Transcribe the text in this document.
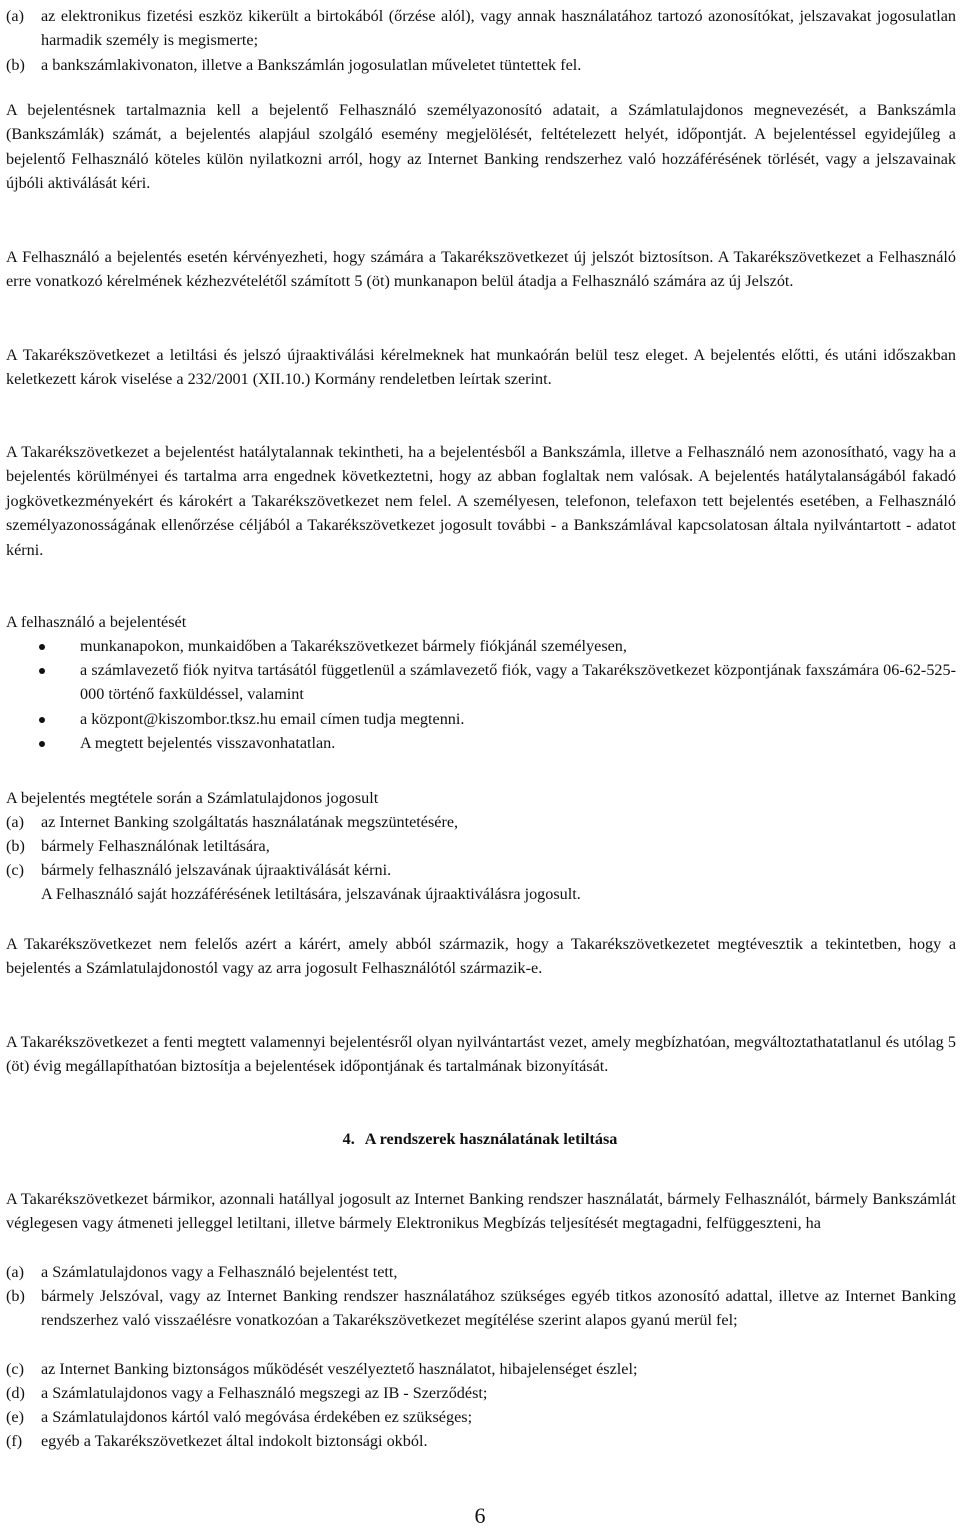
(a) az elektronikus fizetési eszköz kikerült a birtokából (őrzése alól), vagy annak használatához tartozó azonosítókat, jelszavakat jogosulatlan harmadik személy is megismerte;
(b) a bankszámlakivonaton, illetve a Bankszámlán jogosulatlan műveletet tüntettek fel.

A bejelentésnek tartalmaznia kell a bejelentő Felhasználó személyazonosító adatait, a Számlatulajdonos megnevezését, a Bankszámla (Bankszámlák) számát, a bejelentés alapjául szolgáló esemény megjelölését, feltételezett helyét, időpontját. A bejelentéssel egyidejűleg a bejelentő Felhasználó köteles külön nyilatkozni arról, hogy az Internet Banking rendszerhez való hozzáférésének törlését, vagy a jelszavainak újbóli aktiválását kéri.

A Felhasználó a bejelentés esetén kérvényezheti, hogy számára a Takarékszövetkezet új jelszót biztosítson. A Takarékszövetkezet a Felhasználó erre vonatkozó kérelmének kézhezvételétől számított 5 (öt) munkanapon belül átadja a Felhasználó számára az új Jelszót.

A Takarékszövetkezet a letiltási és jelszó újraaktiválási kérelmeknek hat munkaórán belül tesz eleget. A bejelentés előtti, és utáni időszakban keletkezett károk viselése a 232/2001 (XII.10.) Kormány rendeletben leírtak szerint.

A Takarékszövetkezet a bejelentést hatálytalannak tekintheti, ha a bejelentésből a Bankszámla, illetve a Felhasználó nem azonosítható, vagy ha a bejelentés körülményei és tartalma arra engednek következtetni, hogy az abban foglaltak nem valósak. A bejelentés hatálytalanságából fakadó jogkövetkezményekért és károkért a Takarékszövetkezet nem felel. A személyesen, telefonon, telefaxon tett bejelentés esetében, a Felhasználó személyazonosságának ellenőrzése céljából a Takarékszövetkezet jogosult további - a Bankszámlával kapcsolatosan általa nyilvántartott - adatot kérni.

A felhasználó a bejelentését

munkanapokon, munkaidőben a Takarékszövetkezet bármely fiókjánál személyesen,
a számlavezető fiók nyitva tartásától függetlenül a számlavezető fiók, vagy a Takarékszövetkezet központjának faxszámára 06-62-525-000 történő faxküldéssel, valamint
a központ@kiszombor.tksz.hu email címen tudja megtenni.
A megtett bejelentés visszavonhatatlan.

A bejelentés megtétele során a Számlatulajdonos jogosult

(a) az Internet Banking szolgáltatás használatának megszüntetésére,
(b) bármely Felhasználónak letiltására,
(c) bármely felhasználó jelszavának újraaktiválását kérni.
A Felhasználó saját hozzáférésének letiltására, jelszavának újraaktiválásra jogosult.

A Takarékszövetkezet nem felelős azért a kárért, amely abból származik, hogy a Takarékszövetkezetet megtévesztik a tekintetben, hogy a bejelentés a Számlatulajdonostól vagy az arra jogosult Felhasználótól származik-e.

A Takarékszövetkezet a fenti megtett valamennyi bejelentésről olyan nyilvántartást vezet, amely megbízhatóan, megváltoztathatatlanul és utólag 5 (öt) évig megállapíthatóan biztosítja a bejelentések időpontjának és tartalmának bizonyítását.

4. A rendszerek használatának letiltása

A Takarékszövetkezet bármikor, azonnali hatállyal jogosult az Internet Banking rendszer használatát, bármely Felhasználót, bármely Bankszámlát véglegesen vagy átmeneti jelleggel letiltani, illetve bármely Elektronikus Megbízás teljesítését megtagadni, felfüggeszteni, ha

(a) a Számlatulajdonos vagy a Felhasználó bejelentést tett,
(b) bármely Jelszóval, vagy az Internet Banking rendszer használatához szükséges egyéb titkos azonosító adattal, illetve az Internet Banking rendszerhez való visszaélésre vonatkozóan a Takarékszövetkezet megítélése szerint alapos gyanú merül fel;
(c) az Internet Banking biztonságos működését veszélyeztető használatot, hibajelenséget észlel;
(d) a Számlatulajdonos vagy a Felhasználó megszegi az IB - Szerződést;
(e) a Számlatulajdonos kártól való megóvása érdekében ez szükséges;
(f) egyéb a Takarékszövetkezet által indokolt biztonsági okból.
6
